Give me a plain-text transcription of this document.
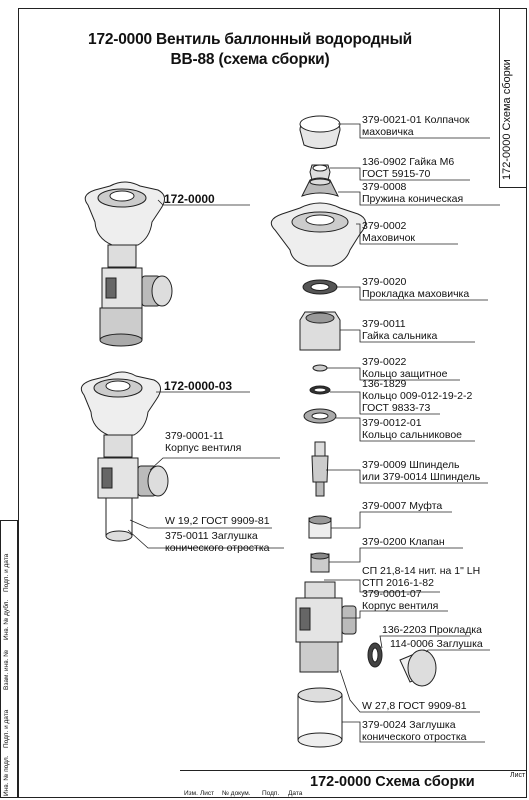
172-0000 Вентиль баллонный водородный
ВВ-88 (схема сборки)	172-0000 Схема сборки
172-0000
172-0000-03
379-0001-11
Корпус вентиля
W 19,2 ГОСТ 9909-81
375-0011 Заглушка
конического отростка
379-0021-01 Колпачок
маховичка
136-0902 Гайка М6
ГОСТ 5915-70
379-0008
Пружина коническая
379-0002
Маховичок
379-0020
Прокладка маховичка
379-0011
Гайка сальника
379-0022
Кольцо защитное
136-1829
Кольцо 009-012-19-2-2
ГОСТ 9833-73
379-0012-01
Кольцо сальниковое
379-0009 Шпиндель
или 379-0014 Шпиндель
379-0007 Муфта
379-0200 Клапан
СП 21,8-14 нит. на 1" LH
СТП 2016-1-82
379-0001-07
Корпус вентиля
136-2203 Прокладка
114-0006 Заглушка
W 27,8 ГОСТ 9909-81
379-0024 Заглушка
конического отростка
Подп. и дата
Инв. № дубл.
Взам. инв. №
Подп. и дата
Инв. № подл.	Изм. Лист № докум. Подп. Дата
172-0000 Схема сборки	Лист
